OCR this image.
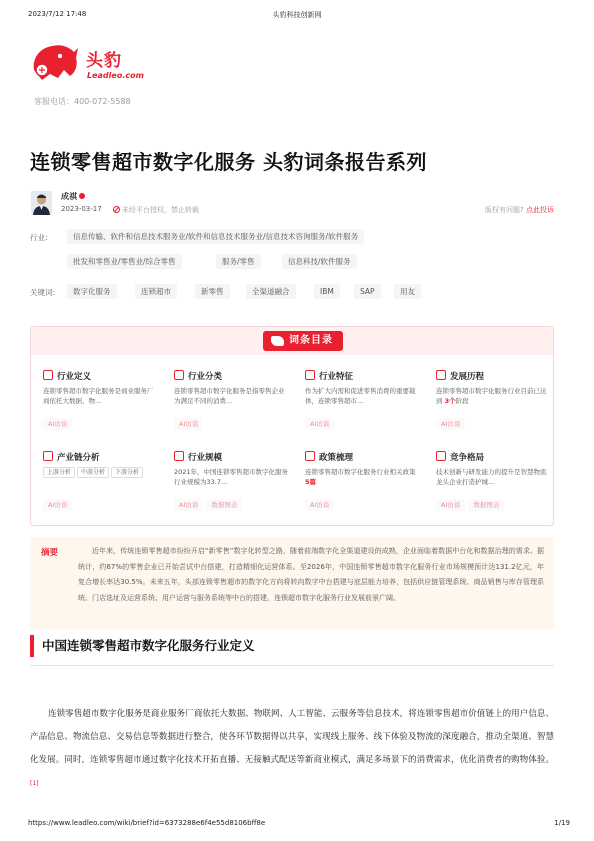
2023/7/12 17:48	头豹科技创新网
头豹
Leadleo.com
客服电话：400-072-5588
连锁零售超市数字化服务 头豹词条报告系列
成祺
2023-03-17	未经平台授权，禁止转载	版权有问题? 点此投诉
行业:	信息传输、软件和信息技术服务业/软件和信息技术服务业/信息技术咨询服务/软件服务
批发和零售业/零售业/综合零售	服务/零售	信息科技/软件服务
关键词:	数字化服务	连锁超市	新零售	全渠道融合	IBM	SAP	用友
词条目录
行业定义
连锁零售超市数字化服务是商业服务厂商依托大数据、物...
AI访谈
行业分类
连锁零售超市数字化服务是指零售企业为满足不同的消费...
AI访谈
行业特征
作为扩大内需和促进零售消费的重要载体，连锁零售超市...
AI访谈
发展历程
连锁零售超市数字化服务行业目前已达到 3个阶段
AI访谈
产业链分析
上游分析 中游分析 下游分析
AI访谈
行业规模
2021年，中国连锁零售超市数字化服务行业规模为33.7...
AI访谈 数据图表
政策梳理
连锁零售超市数字化服务行业相关政策 5篇
AI访谈
竞争格局
技术创新与研发能力的提升是智慧物流龙头企业打造护城...
AI访谈 数据图表
摘要	近年来，传统连锁零售超市纷纷开启“新零售”数字化转型之路，随着前端数字化全渠道建设的成熟，企业面临着数据中台化和数据治理的需求。据统计，约67%的零售企业已开始尝试中台搭建，打造精细化运营体系。至2026年，中国连锁零售超市数字化服务行业市场规模预计达131.2亿元，年复合增长率达30.5%。未来五年，头部连锁零售超市的数字化方向将转向数字中台搭建与底层能力培养，包括供应链管理系统、商品销售与库存管理系统、门店选址及运营系统、用户运营与服务系统等中台的搭建，连锁超市数字化服务行业发展前景广阔。

中国连锁零售超市数字化服务行业定义

连锁零售超市数字化服务是商业服务厂商依托大数据、物联网、人工智能、云服务等信息技术，将连锁零售超市价值链上的用户信息、产品信息、物流信息、交易信息等数据进行整合，使各环节数据得以共享，实现线上服务、线下体验及物流的深度融合，推动全渠道、智慧化发展。同时，连锁零售超市通过数字化技术开拓直播、无接触式配送等新商业模式，满足多场景下的消费需求，优化消费者的购物体验。[1]

https://www.leadleo.com/wiki/brief?id=6373288e6f4e55d8106bff8e	1/19
